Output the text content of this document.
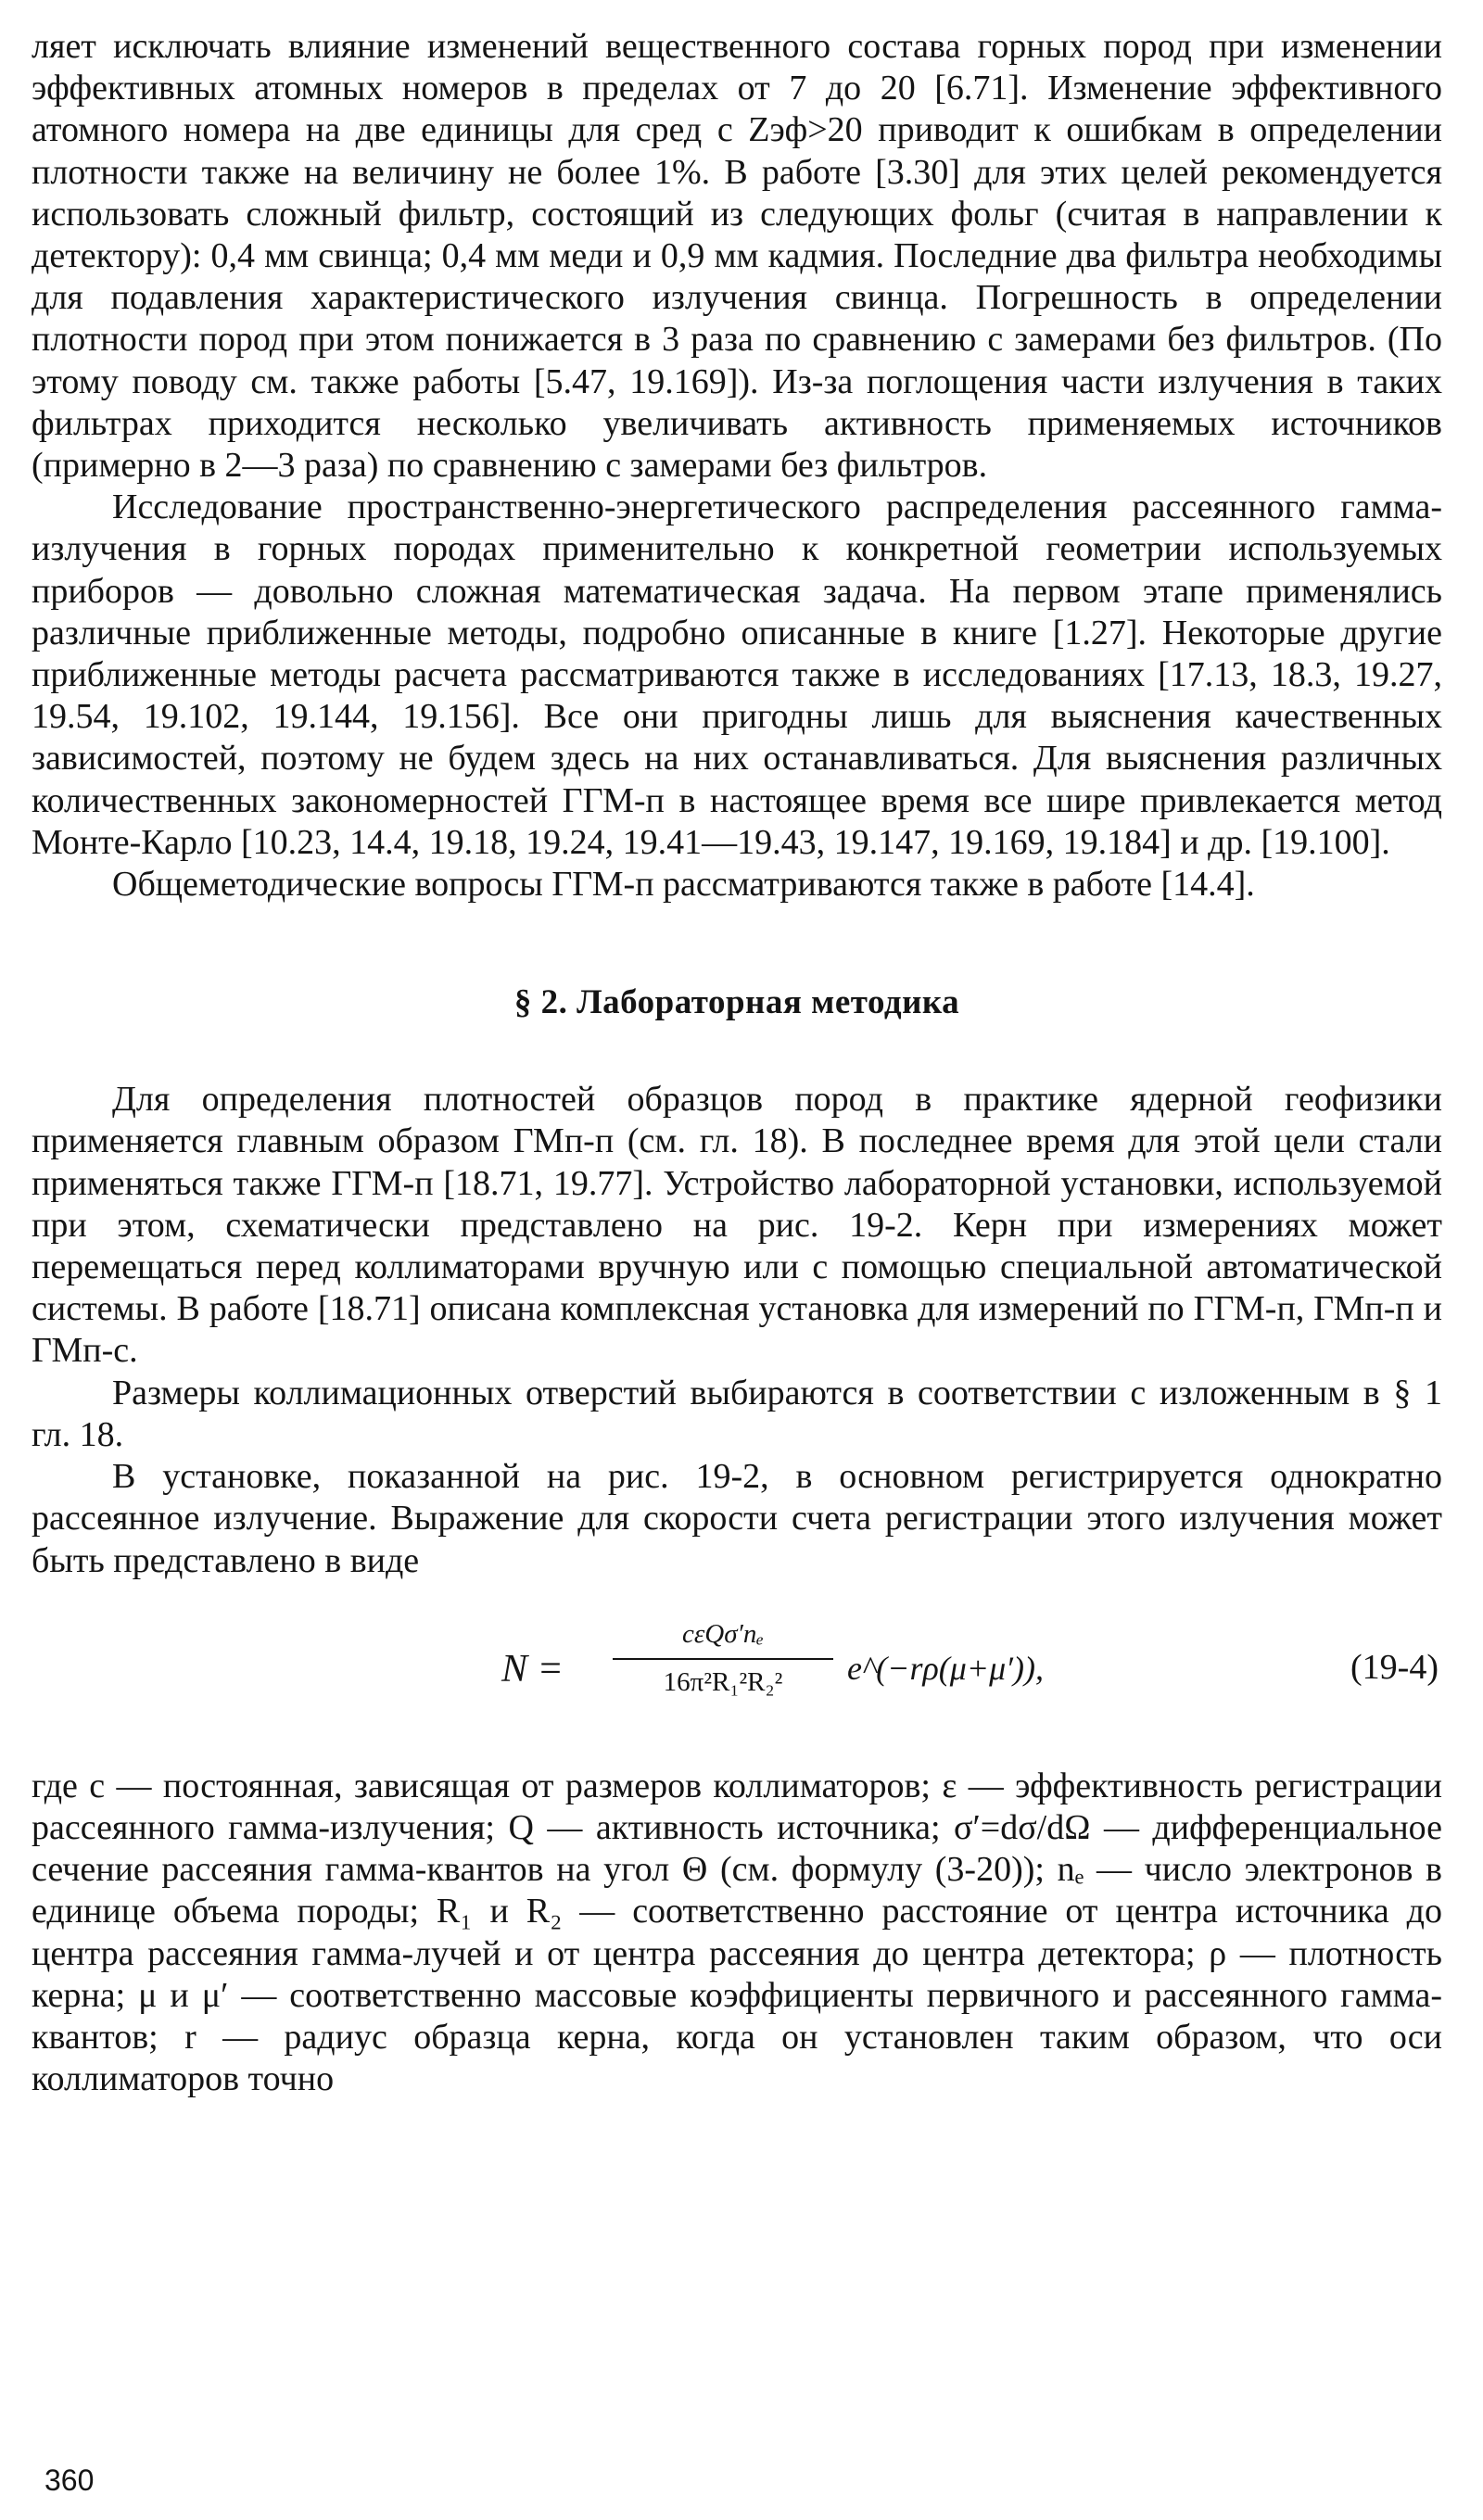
ляет исключать влияние изменений вещественного состава горных пород при изменении эффективных атомных номеров в пределах от 7 до 20 [6.71]. Изменение эффективного атомного номера на две единицы для сред с Zэф>20 приводит к ошибкам в определении плотности также на величину не более 1%. В работе [3.30] для этих целей рекомендуется использовать сложный фильтр, состоящий из следующих фольг (считая в направлении к детектору): 0,4 мм свинца; 0,4 мм меди и 0,9 мм кадмия. Последние два фильтра необходимы для подавления характеристического излучения свинца. Погрешность в определении плотности пород при этом понижается в 3 раза по сравнению с замерами без фильтров. (По этому поводу см. также работы [5.47, 19.169]). Из-за поглощения части излучения в таких фильтрах приходится несколько увеличивать активность применяемых источников (примерно в 2—3 раза) по сравнению с замерами без фильтров.

Исследование пространственно-энергетического распределения рассеянного гамма-излучения в горных породах применительно к конкретной геометрии используемых приборов — довольно сложная математическая задача. На первом этапе применялись различные приближенные методы, подробно описанные в книге [1.27]. Некоторые другие приближенные методы расчета рассматриваются также в исследованиях [17.13, 18.3, 19.27, 19.54, 19.102, 19.144, 19.156]. Все они пригодны лишь для выяснения качественных зависимостей, поэтому не будем здесь на них останавливаться. Для выяснения различных количественных закономерностей ГГМ-п в настоящее время все шире привлекается метод Монте-Карло [10.23, 14.4, 19.18, 19.24, 19.41—19.43, 19.147, 19.169, 19.184] и др. [19.100].

Общеметодические вопросы ГГМ-п рассматриваются также в работе [14.4].

§ 2. Лабораторная методика

Для определения плотностей образцов пород в практике ядерной геофизики применяется главным образом ГМп-п (см. гл. 18). В последнее время для этой цели стали применяться также ГГМ-п [18.71, 19.77]. Устройство лабораторной установки, используемой при этом, схематически представлено на рис. 19-2. Керн при измерениях может перемещаться перед коллиматорами вручную или с помощью специальной автоматической системы. В работе [18.71] описана комплексная установка для измерений по ГГМ-п, ГМп-п и ГМп-с.

Размеры коллимационных отверстий выбираются в соответствии с изложенным в § 1 гл. 18.

В установке, показанной на рис. 19-2, в основном регистрируется однократно рассеянное излучение. Выражение для скорости счета регистрации этого излучения может быть представлено в виде

N =
cεQσ′nₑ
16π²R₁²R₂²	e^(−rρ(μ+μ′)),	(19-4)

где c — постоянная, зависящая от размеров коллиматоров; ε — эффективность регистрации рассеянного гамма-излучения; Q — активность источника; σ′=dσ/dΩ — дифференциальное сечение рассеяния гамма-квантов на угол Θ (см. формулу (3-20)); nₑ — число электронов в единице объема породы; R₁ и R₂ — соответственно расстояние от центра источника до центра рассеяния гамма-лучей и от центра рассеяния до центра детектора; ρ — плотность керна; μ и μ′ — соответственно массовые коэффициенты первичного и рассеянного гамма-квантов; r — радиус образца керна, когда он установлен таким образом, что оси коллиматоров точно

360
